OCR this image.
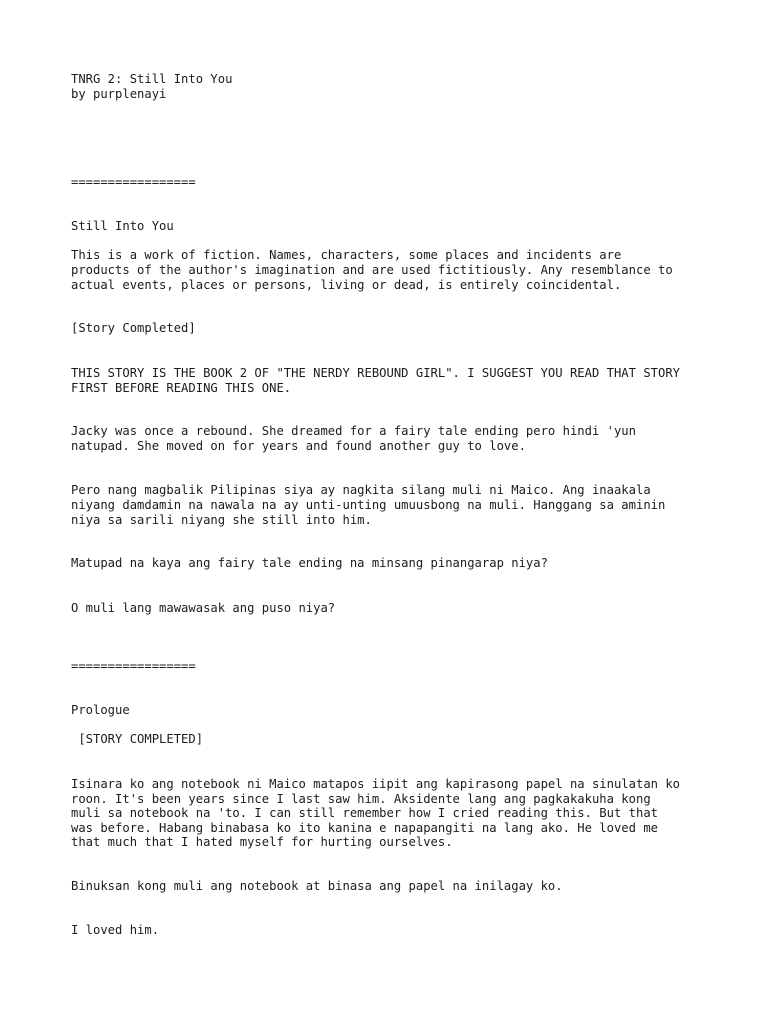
TNRG 2: Still Into You
by purplenayi
=================
Still Into You
This is a work of fiction. Names, characters, some places and incidents are
products of the author's imagination and are used fictitiously. Any resemblance to
actual events, places or persons, living or dead, is entirely coincidental.
[Story Completed]
THIS STORY IS THE BOOK 2 OF "THE NERDY REBOUND GIRL". I SUGGEST YOU READ THAT STORY
FIRST BEFORE READING THIS ONE.
Jacky was once a rebound. She dreamed for a fairy tale ending pero hindi 'yun
natupad. She moved on for years and found another guy to love.
Pero nang magbalik Pilipinas siya ay nagkita silang muli ni Maico. Ang inaakala
niyang damdamin na nawala na ay unti-unting umuusbong na muli. Hanggang sa aminin
niya sa sarili niyang she still into him.
Matupad na kaya ang fairy tale ending na minsang pinangarap niya?
O muli lang mawawasak ang puso niya?
=================
Prologue
[STORY COMPLETED]
Isinara ko ang notebook ni Maico matapos iipit ang kapirasong papel na sinulatan ko
roon. It's been years since I last saw him. Aksidente lang ang pagkakakuha kong
muli sa notebook na 'to. I can still remember how I cried reading this. But that
was before. Habang binabasa ko ito kanina e napapangiti na lang ako. He loved me
that much that I hated myself for hurting ourselves.
Binuksan kong muli ang notebook at binasa ang papel na inilagay ko.
I loved him.
